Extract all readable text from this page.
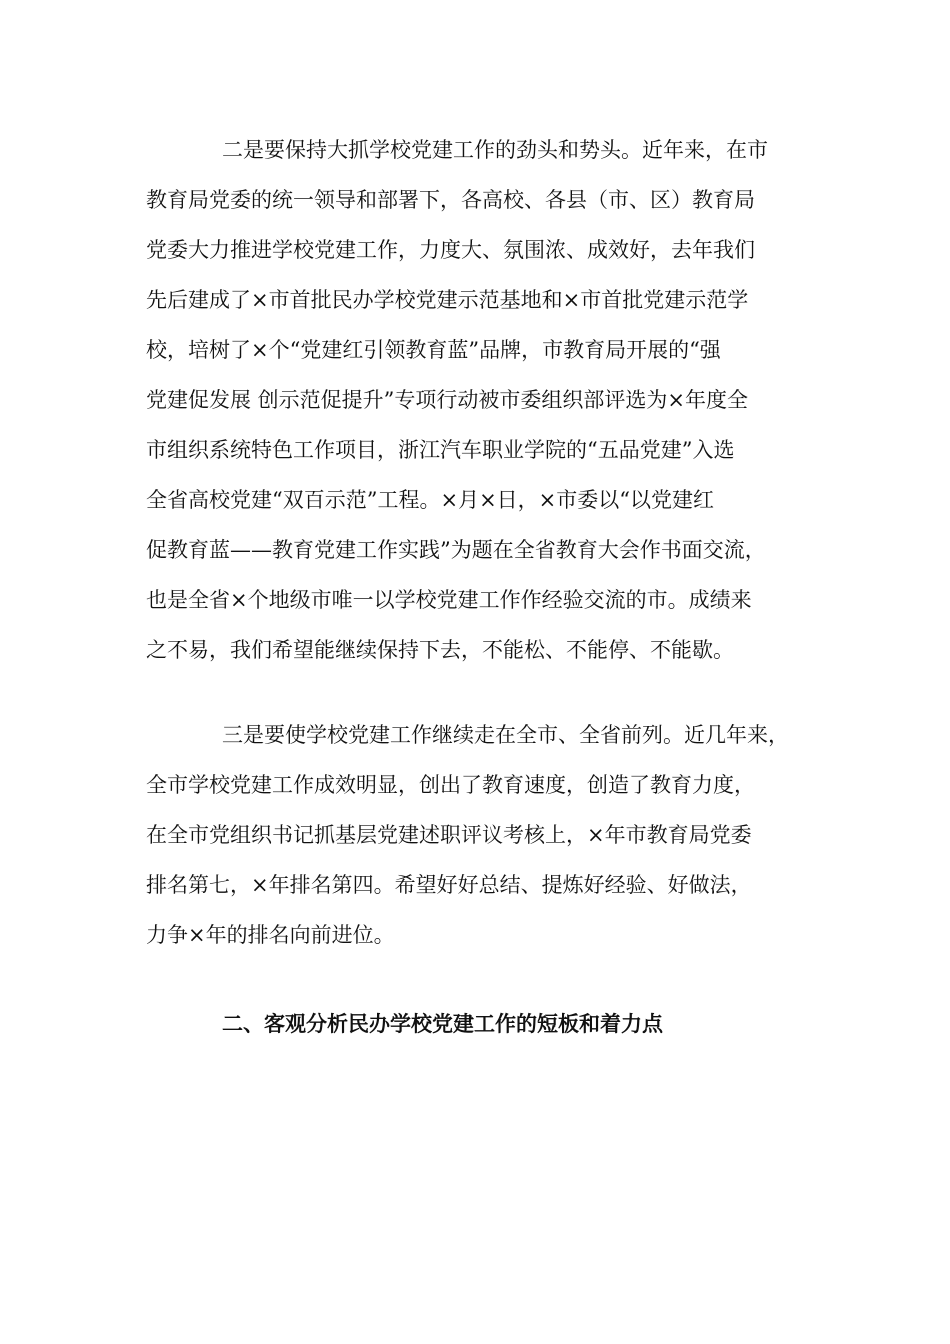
二是要保持大抓学校党建工作的劲头和势头。近年来，在市

教育局党委的统一领导和部署下，各高校、各县（市、区）教育局

党委大力推进学校党建工作，力度大、氛围浓、成效好，去年我们

先后建成了×市首批民办学校党建示范基地和×市首批党建示范学

校，培树了×个“党建红引领教育蓝”品牌，市教育局开展的“强

党建促发展 创示范促提升”专项行动被市委组织部评选为×年度全

市组织系统特色工作项目，浙江汽车职业学院的“五品党建”入选

全省高校党建“双百示范”工程。×月×日，×市委以“以党建红

促教育蓝——教育党建工作实践”为题在全省教育大会作书面交流，

也是全省×个地级市唯一以学校党建工作作经验交流的市。成绩来

之不易，我们希望能继续保持下去，不能松、不能停、不能歇。

三是要使学校党建工作继续走在全市、全省前列。近几年来，

全市学校党建工作成效明显，创出了教育速度，创造了教育力度，

在全市党组织书记抓基层党建述职评议考核上，×年市教育局党委

排名第七，×年排名第四。希望好好总结、提炼好经验、好做法，

力争×年的排名向前进位。

二、客观分析民办学校党建工作的短板和着力点
